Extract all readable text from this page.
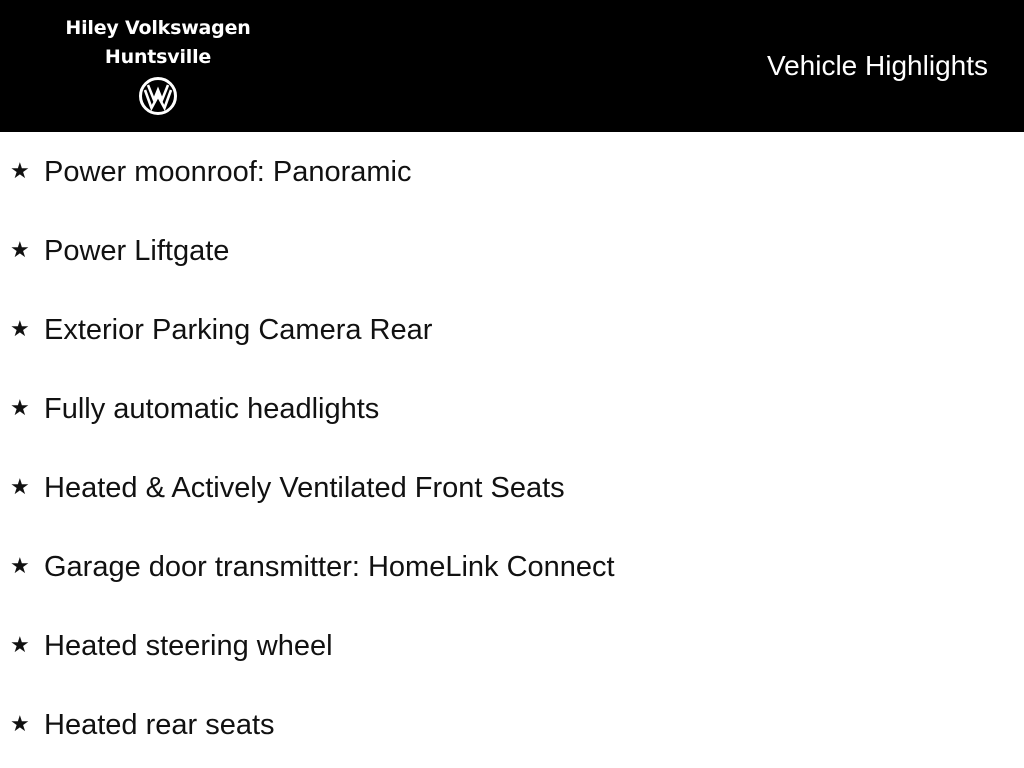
Hiley Volkswagen
Huntsville	Vehicle Highlights
★ Power moonroof: Panoramic
★ Power Liftgate
★ Exterior Parking Camera Rear
★ Fully automatic headlights
★ Heated & Actively Ventilated Front Seats
★ Garage door transmitter: HomeLink Connect
★ Heated steering wheel
★ Heated rear seats
